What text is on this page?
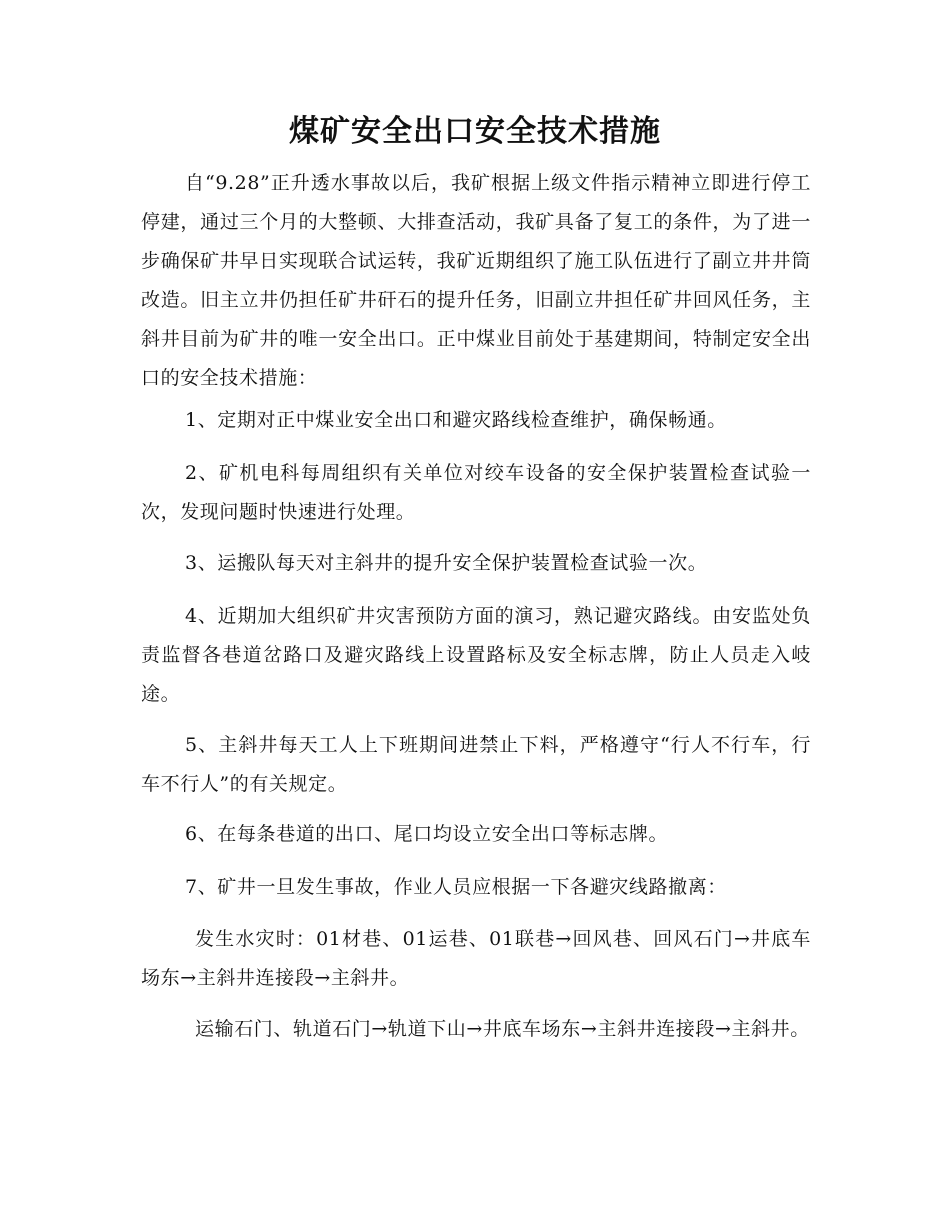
煤矿安全出口安全技术措施

自“9.28”正升透水事故以后，我矿根据上级文件指示精神立即进行停工停建，通过三个月的大整顿、大排查活动，我矿具备了复工的条件，为了进一步确保矿井早日实现联合试运转，我矿近期组织了施工队伍进行了副立井井筒改造。旧主立井仍担任矿井矸石的提升任务，旧副立井担任矿井回风任务，主斜井目前为矿井的唯一安全出口。正中煤业目前处于基建期间，特制定安全出口的安全技术措施：

1、定期对正中煤业安全出口和避灾路线检查维护，确保畅通。

2、矿机电科每周组织有关单位对绞车设备的安全保护装置检查试验一次，发现问题时快速进行处理。

3、运搬队每天对主斜井的提升安全保护装置检查试验一次。

4、近期加大组织矿井灾害预防方面的演习，熟记避灾路线。由安监处负责监督各巷道岔路口及避灾路线上设置路标及安全标志牌，防止人员走入岐途。

5、主斜井每天工人上下班期间进禁止下料，严格遵守“行人不行车，行车不行人”的有关规定。

6、在每条巷道的出口、尾口均设立安全出口等标志牌。

7、矿井一旦发生事故，作业人员应根据一下各避灾线路撤离：

发生水灾时：01材巷、01运巷、01联巷→回风巷、回风石门→井底车场东→主斜井连接段→主斜井。

运输石门、轨道石门→轨道下山→井底车场东→主斜井连接段→主斜井。
